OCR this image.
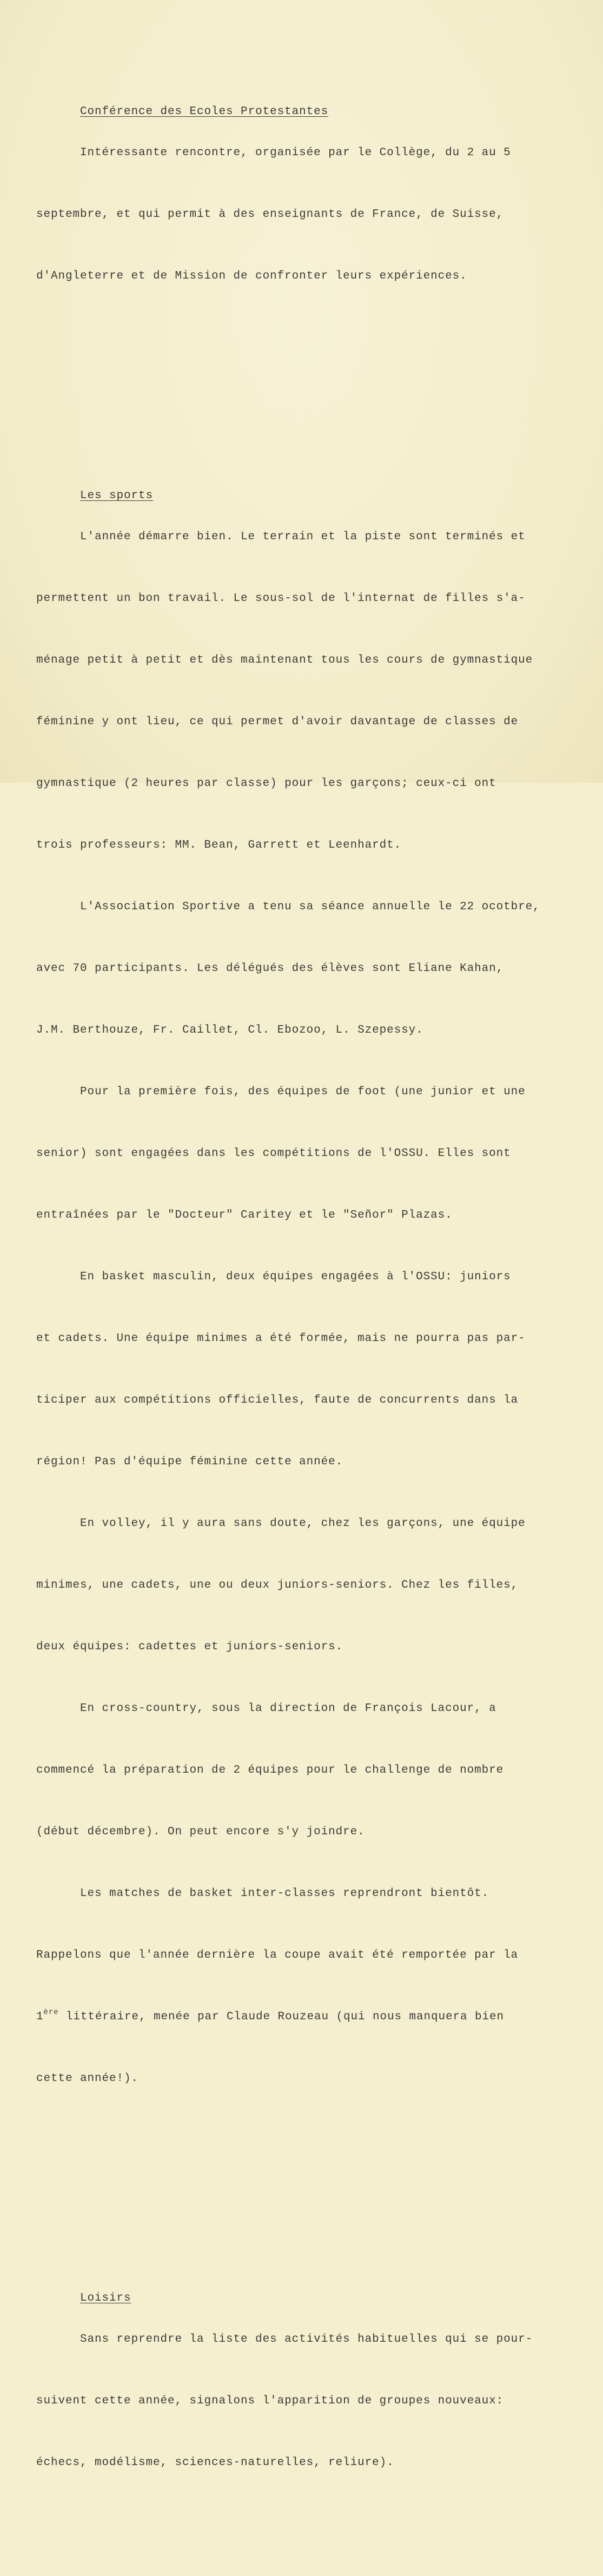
Conférence des Ecoles Protestantes

Intéressante rencontre, organisée par le Collège, du 2 au 5

septembre, et qui permit à des enseignants de France, de Suisse,

d'Angleterre et de Mission de confronter leurs expériences.

Les sports

L'année démarre bien. Le terrain et la piste sont terminés et

permettent un bon travail. Le sous-sol de l'internat de filles s'a-

ménage petit à petit et dès maintenant tous les cours de gymnastique

féminine y ont lieu, ce qui permet d'avoir davantage de classes de

gymnastique (2 heures par classe) pour les garçons; ceux-ci ont

trois professeurs: MM. Bean, Garrett et Leenhardt.

L'Association Sportive a tenu sa séance annuelle le 22 ocotbre,

avec 70 participants. Les délégués des élèves sont Eliane Kahan,

J.M. Berthouze, Fr. Caillet, Cl. Ebozoo, L. Szepessy.

Pour la première fois, des équipes de foot (une junior et une

senior) sont engagées dans les compétitions de l'OSSU. Elles sont

entraînées par le "Docteur" Caritey et le "Señor" Plazas.

En basket masculin, deux équipes engagées à l'OSSU: juniors

et cadets. Une équipe minimes a été formée, mais ne pourra pas par-

ticiper aux compétitions officielles, faute de concurrents dans la

région! Pas d'équipe féminine cette année.

En volley, il y aura sans doute, chez les garçons, une équipe

minimes, une cadets, une ou deux juniors-seniors. Chez les filles,

deux équipes: cadettes et juniors-seniors.

En cross-country, sous la direction de François Lacour, a

commencé la préparation de 2 équipes pour le challenge de nombre

(début décembre). On peut encore s'y joindre.

Les matches de basket inter-classes reprendront bientôt.

Rappelons que l'année dernière la coupe avait été remportée par la

1ère littéraire, menée par Claude Rouzeau (qui nous manquera bien

cette année!).

Loisirs

Sans reprendre la liste des activités habituelles qui se pour-

suivent cette année, signalons l'apparition de groupes nouveaux:

échecs, modélisme, sciences-naturelles, reliure).
